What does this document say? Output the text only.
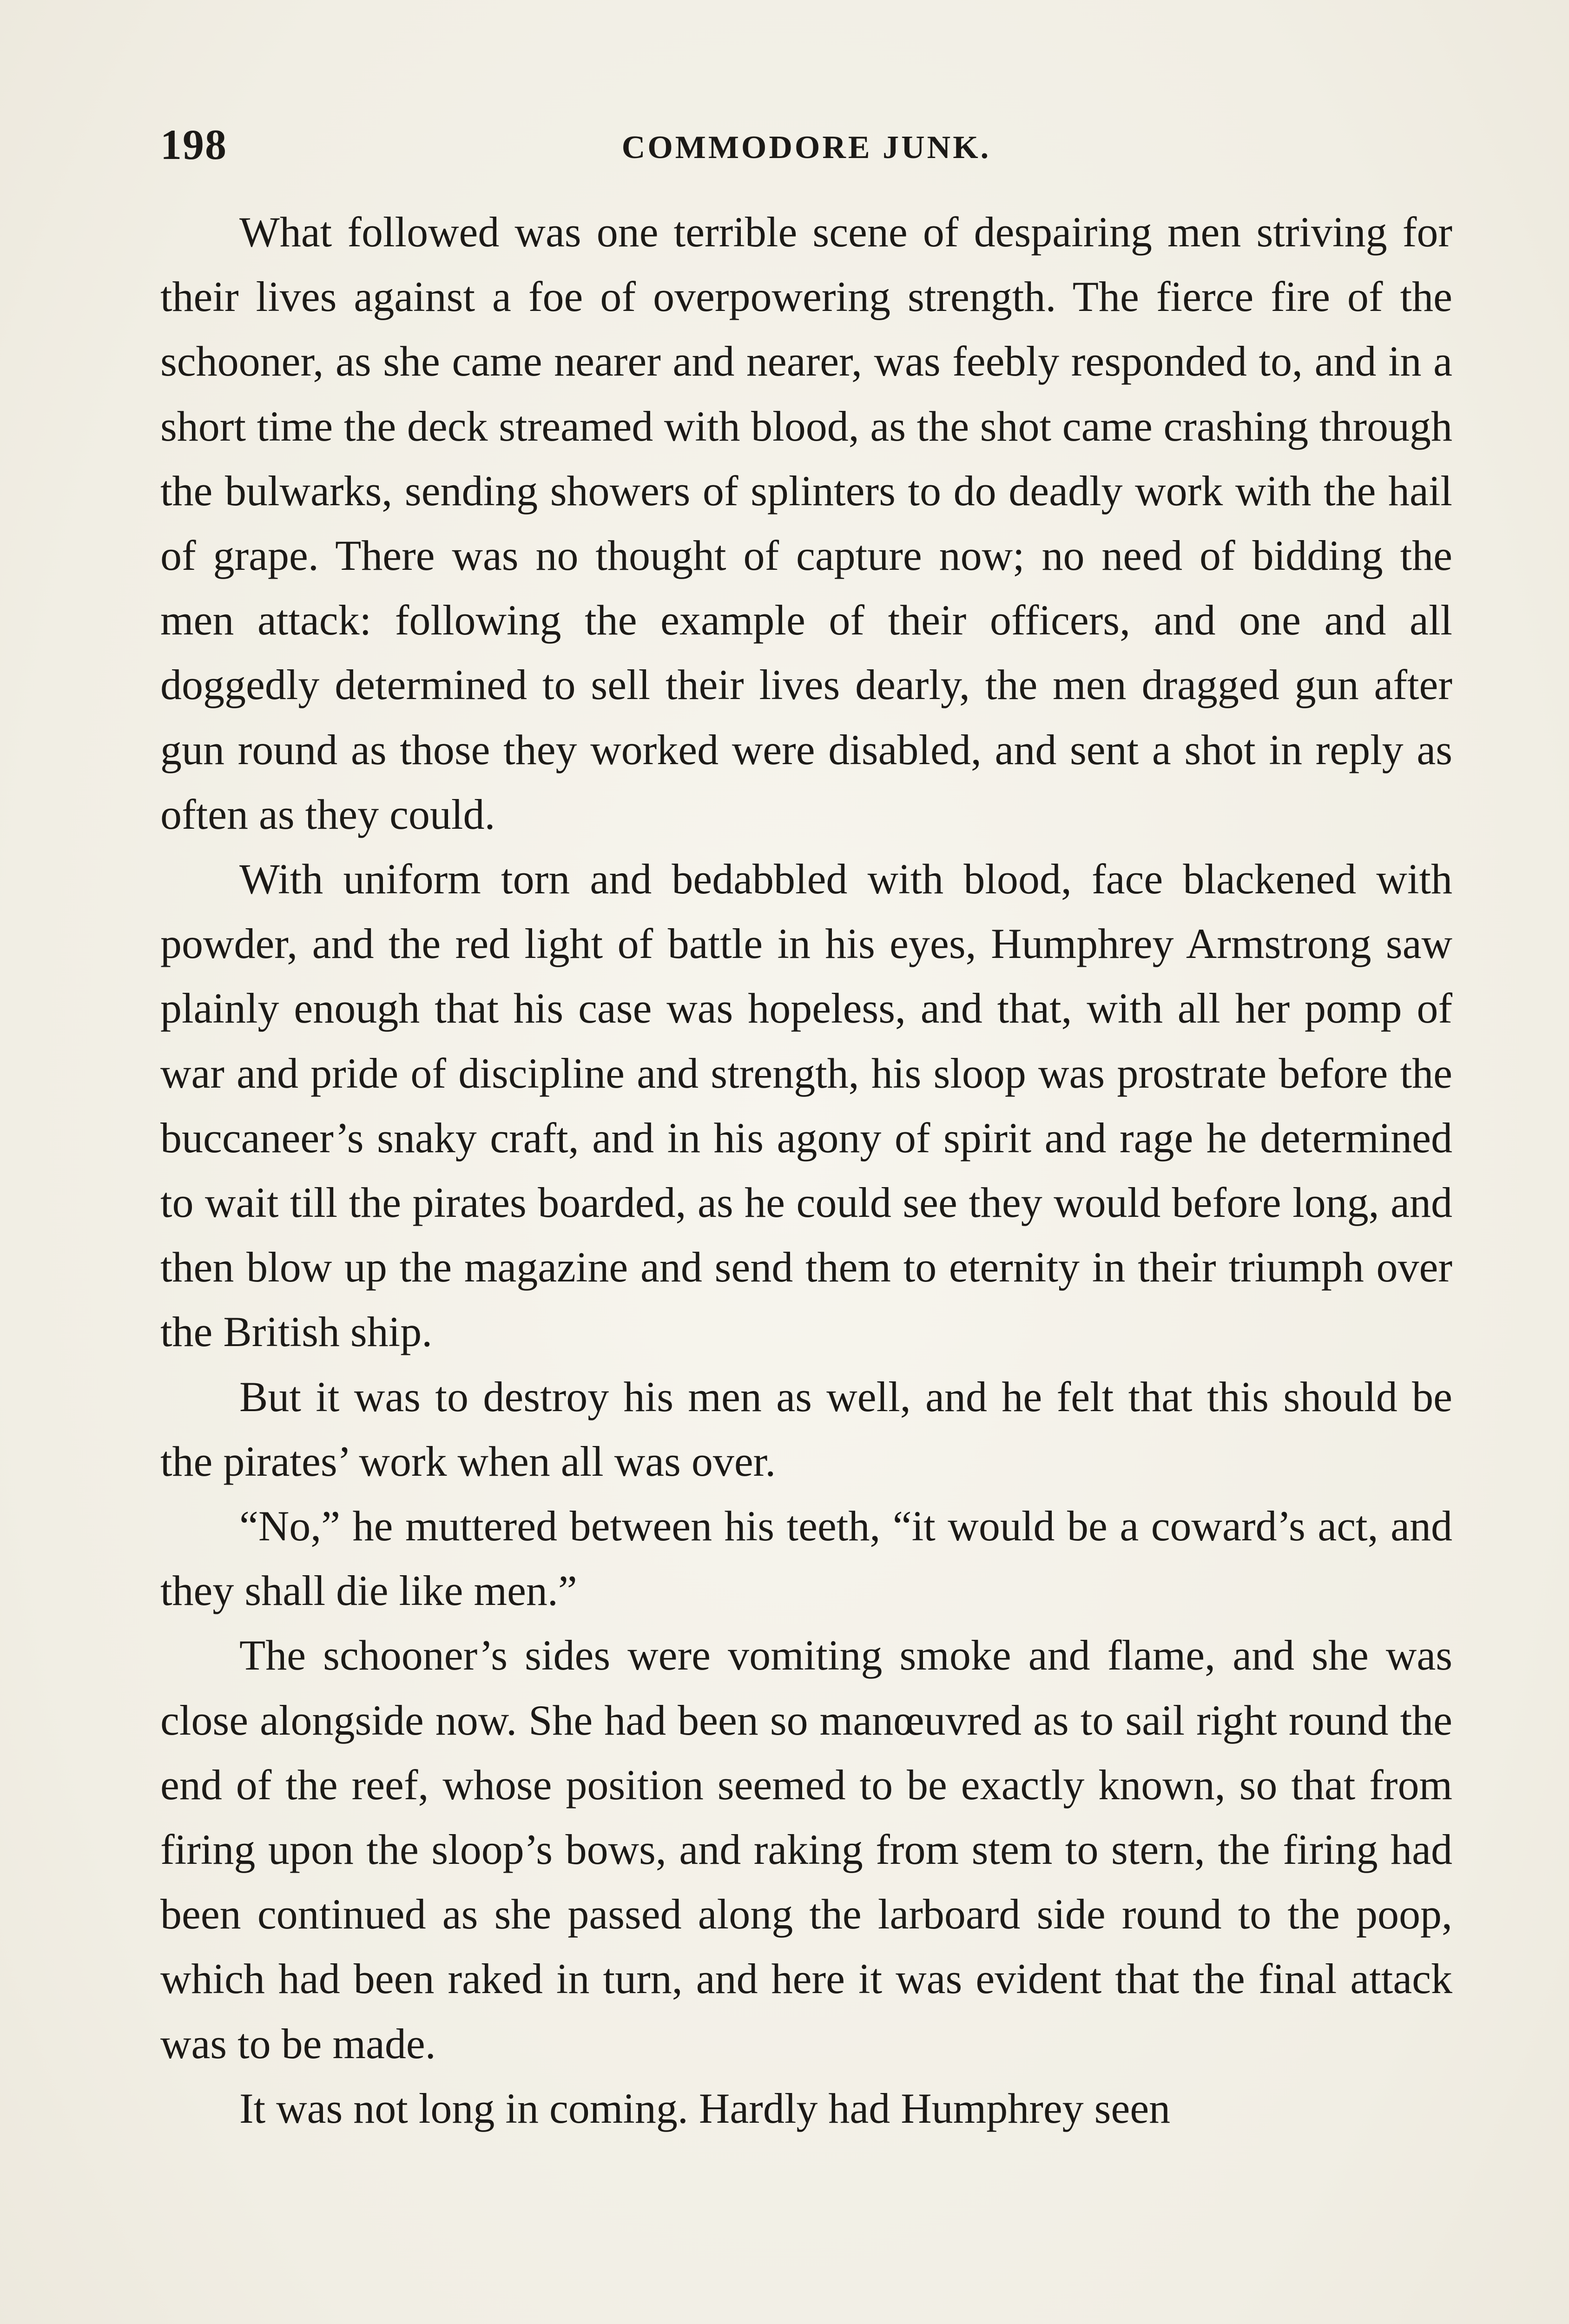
198	COMMODORE JUNK.

What followed was one terrible scene of despairing men striving for their lives against a foe of overpowering strength. The fierce fire of the schooner, as she came nearer and nearer, was feebly responded to, and in a short time the deck streamed with blood, as the shot came crashing through the bulwarks, sending showers of splinters to do deadly work with the hail of grape. There was no thought of capture now; no need of bidding the men attack: following the example of their officers, and one and all doggedly determined to sell their lives dearly, the men dragged gun after gun round as those they worked were disabled, and sent a shot in reply as often as they could.

With uniform torn and bedabbled with blood, face blackened with powder, and the red light of battle in his eyes, Humphrey Armstrong saw plainly enough that his case was hopeless, and that, with all her pomp of war and pride of discipline and strength, his sloop was prostrate before the buccaneer’s snaky craft, and in his agony of spirit and rage he determined to wait till the pirates boarded, as he could see they would before long, and then blow up the magazine and send them to eternity in their triumph over the British ship.

But it was to destroy his men as well, and he felt that this should be the pirates’ work when all was over.

“No,” he muttered between his teeth, “it would be a coward’s act, and they shall die like men.”

The schooner’s sides were vomiting smoke and flame, and she was close alongside now. She had been so manœuvred as to sail right round the end of the reef, whose position seemed to be exactly known, so that from firing upon the sloop’s bows, and raking from stem to stern, the firing had been continued as she passed along the larboard side round to the poop, which had been raked in turn, and here it was evident that the final attack was to be made.

It was not long in coming. Hardly had Humphrey seen
